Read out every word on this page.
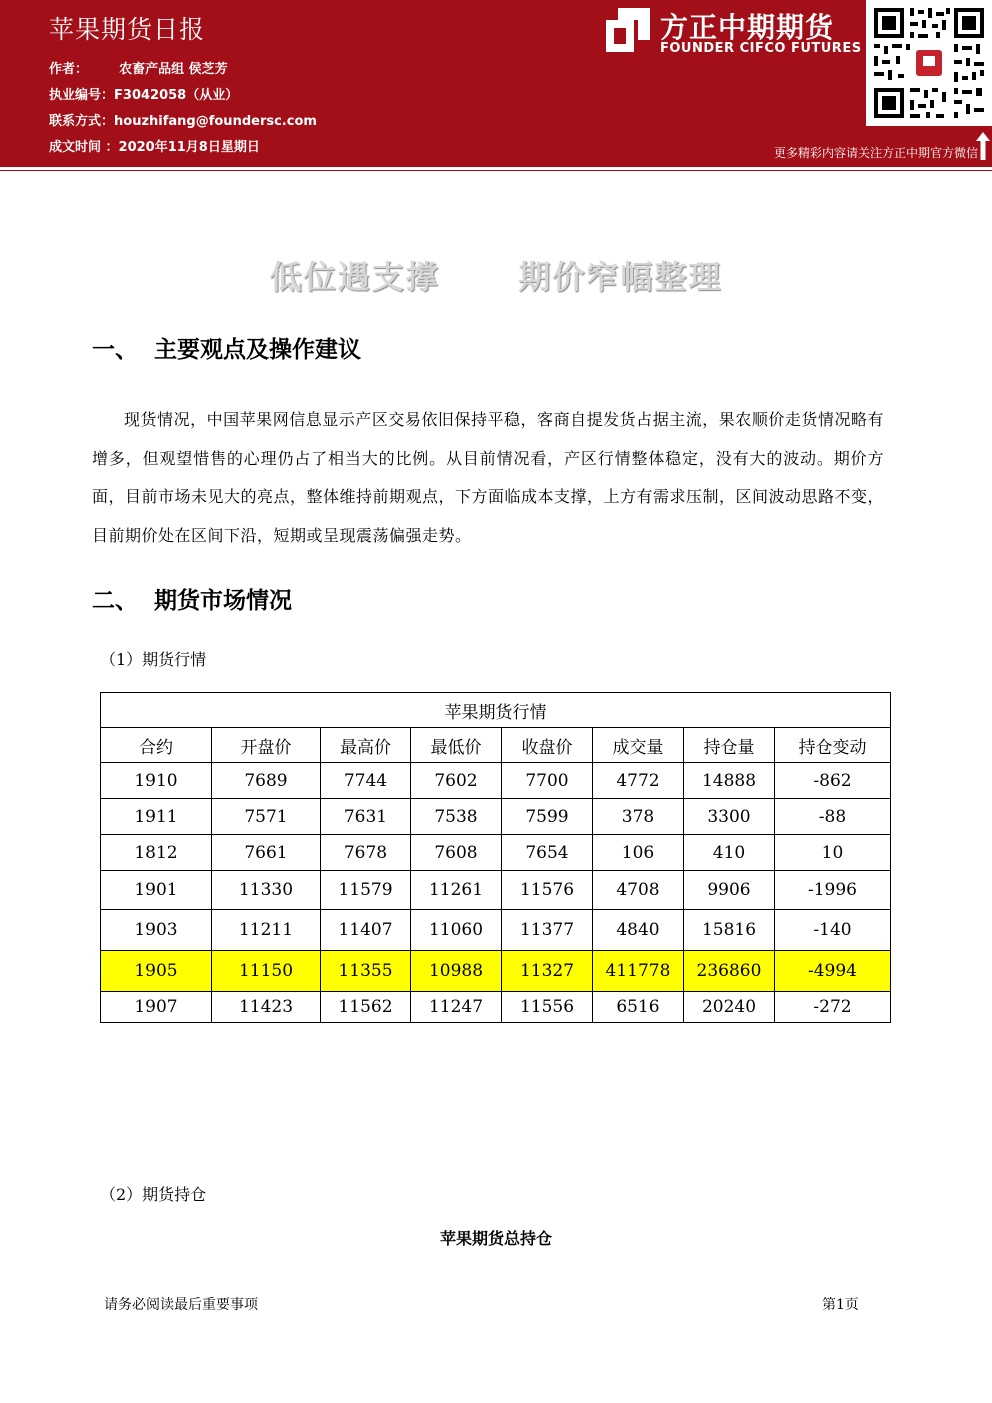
苹果期货日报
作者： 农畜产品组 侯芝芳
执业编号：F3042058（从业）
联系方式：houzhifang@foundersc.com
成文时间 ：2020年11月8日星期日
方正中期期货
FOUNDER CIFCO FUTURES
更多精彩内容请关注方正中期官方微信
低位遇支撑      期价窄幅整理
一、 主要观点及操作建议
现货情况，中国苹果网信息显示产区交易依旧保持平稳，客商自提发货占据主流，果农顺价走货情况略有增多，但观望惜售的心理仍占了相当大的比例。从目前情况看，产区行情整体稳定，没有大的波动。期价方面，目前市场未见大的亮点，整体维持前期观点，下方面临成本支撑，上方有需求压制，区间波动思路不变，目前期价处在区间下沿，短期或呈现震荡偏强走势。
二、 期货市场情况
（1）期货行情
苹果期货行情							
合约	开盘价	最高价	最低价	收盘价	成交量	持仓量	持仓变动
1910	7689	7744	7602	7700	4772	14888	-862
1911	7571	7631	7538	7599	378	3300	-88
1812	7661	7678	7608	7654	106	410	10
1901	11330	11579	11261	11576	4708	9906	-1996
1903	11211	11407	11060	11377	4840	15816	-140
1905	11150	11355	10988	11327	411778	236860	-4994
1907	11423	11562	11247	11556	6516	20240	-272
（2）期货持仓
苹果期货总持仓
请务必阅读最后重要事项	第1页
